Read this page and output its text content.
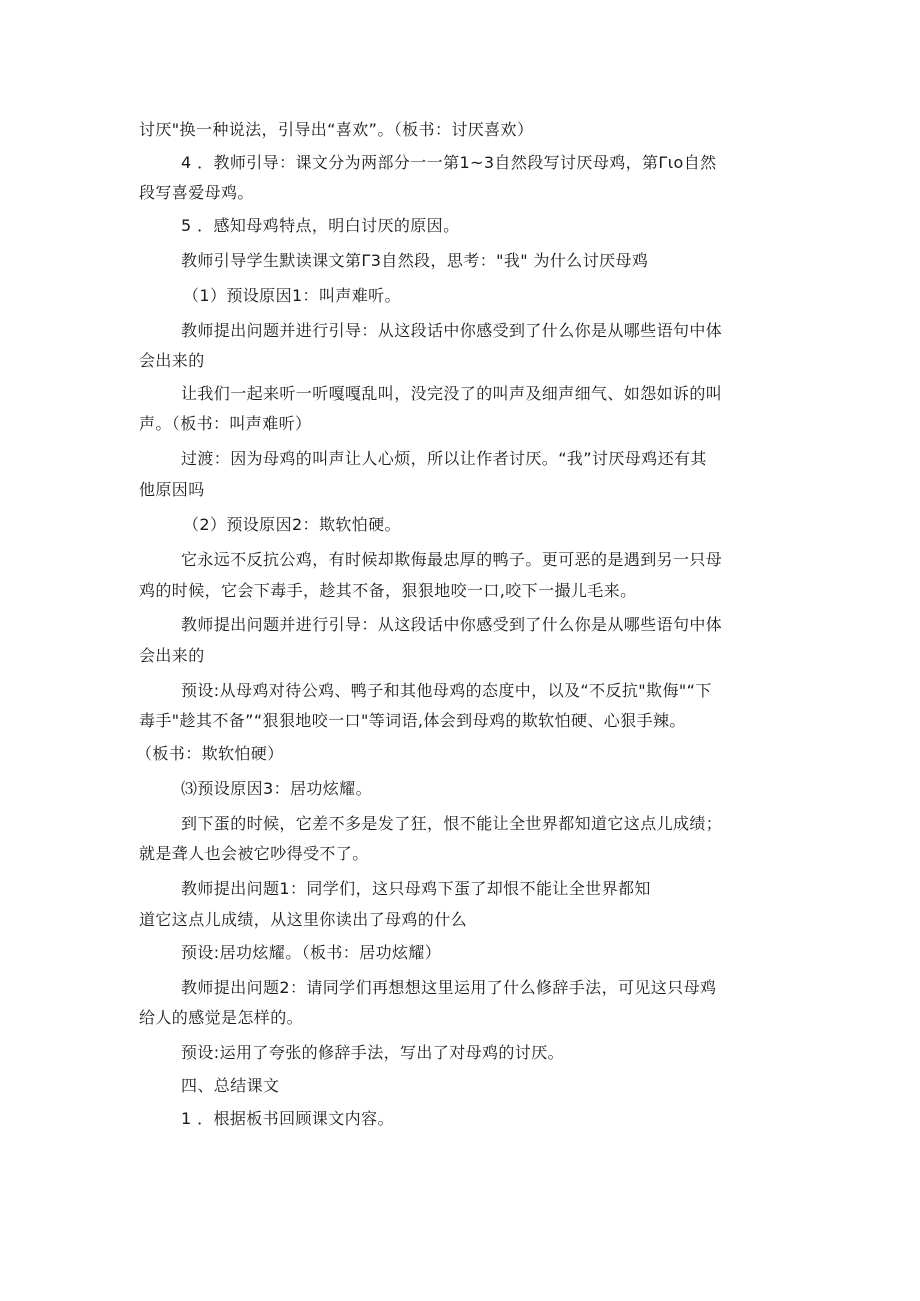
讨厌"换一种说法，引导出“喜欢”。（板书：讨厌喜欢）
4 ．教师引导：课文分为两部分一一第1~3自然段写讨厌母鸡，第Γιo自然
段写喜爱母鸡。
5 ．感知母鸡特点，明白讨厌的原因。
教师引导学生默读课文第Γ3自然段，思考："我" 为什么讨厌母鸡
（1）预设原因1：叫声难听。
教师提出问题并进行引导：从这段话中你感受到了什么你是从哪些语句中体
会出来的
让我们一起来听一听嘎嘎乱叫，没完没了的叫声及细声细气、如怨如诉的叫
声。（板书：叫声难听）
过渡：因为母鸡的叫声让人心烦，所以让作者讨厌。“我”讨厌母鸡还有其
他原因吗
（2）预设原因2：欺软怕硬。
它永远不反抗公鸡，有时候却欺侮最忠厚的鸭子。更可恶的是遇到另一只母
鸡的时候，它会下毒手，趁其不备，狠狠地咬一口,咬下一撮儿毛来。
教师提出问题并进行引导：从这段话中你感受到了什么你是从哪些语句中体
会出来的
预设:从母鸡对待公鸡、鸭子和其他母鸡的态度中，以及“不反抗"欺侮"“下
毒手"趁其不备”“狠狠地咬一口"等词语,体会到母鸡的欺软怕硬、心狠手辣。
（板书：欺软怕硬）
⑶预设原因3：居功炫耀。
到下蛋的时候，它差不多是发了狂，恨不能让全世界都知道它这点儿成绩；
就是聋人也会被它吵得受不了。
教师提出问题1：同学们，这只母鸡下蛋了却恨不能让全世界都知
道它这点儿成绩，从这里你读出了母鸡的什么
预设:居功炫耀。（板书：居功炫耀）
教师提出问题2：请同学们再想想这里运用了什么修辞手法，可见这只母鸡
给人的感觉是怎样的。
预设:运用了夸张的修辞手法，写出了对母鸡的讨厌。
四、总结课文
1 ．根据板书回顾课文内容。
